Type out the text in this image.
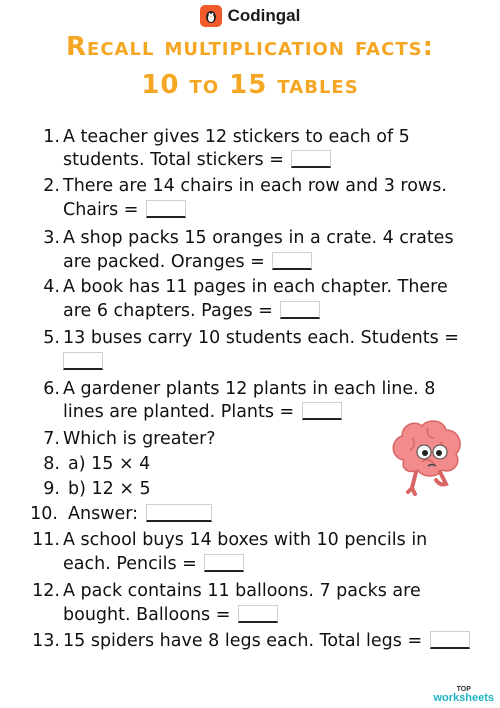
Codingal
Recall multiplication facts:
10 to 15 tables
1. A teacher gives 12 stickers to each of 5
students. Total stickers =
2. There are 14 chairs in each row and 3 rows.
Chairs =
3. A shop packs 15 oranges in a crate. 4 crates
are packed. Oranges =
4. A book has 11 pages in each chapter. There
are 6 chapters. Pages =
5. 13 buses carry 10 students each. Students =
6. A gardener plants 12 plants in each line. 8
lines are planted. Plants =
7. Which is greater?
8. a) 15 × 4
9. b) 12 × 5
10. Answer:
11. A school buys 14 boxes with 10 pencils in
each. Pencils =
12. A pack contains 11 balloons. 7 packs are
bought. Balloons =
13. 15 spiders have 8 legs each. Total legs =
TOP
worksheets
